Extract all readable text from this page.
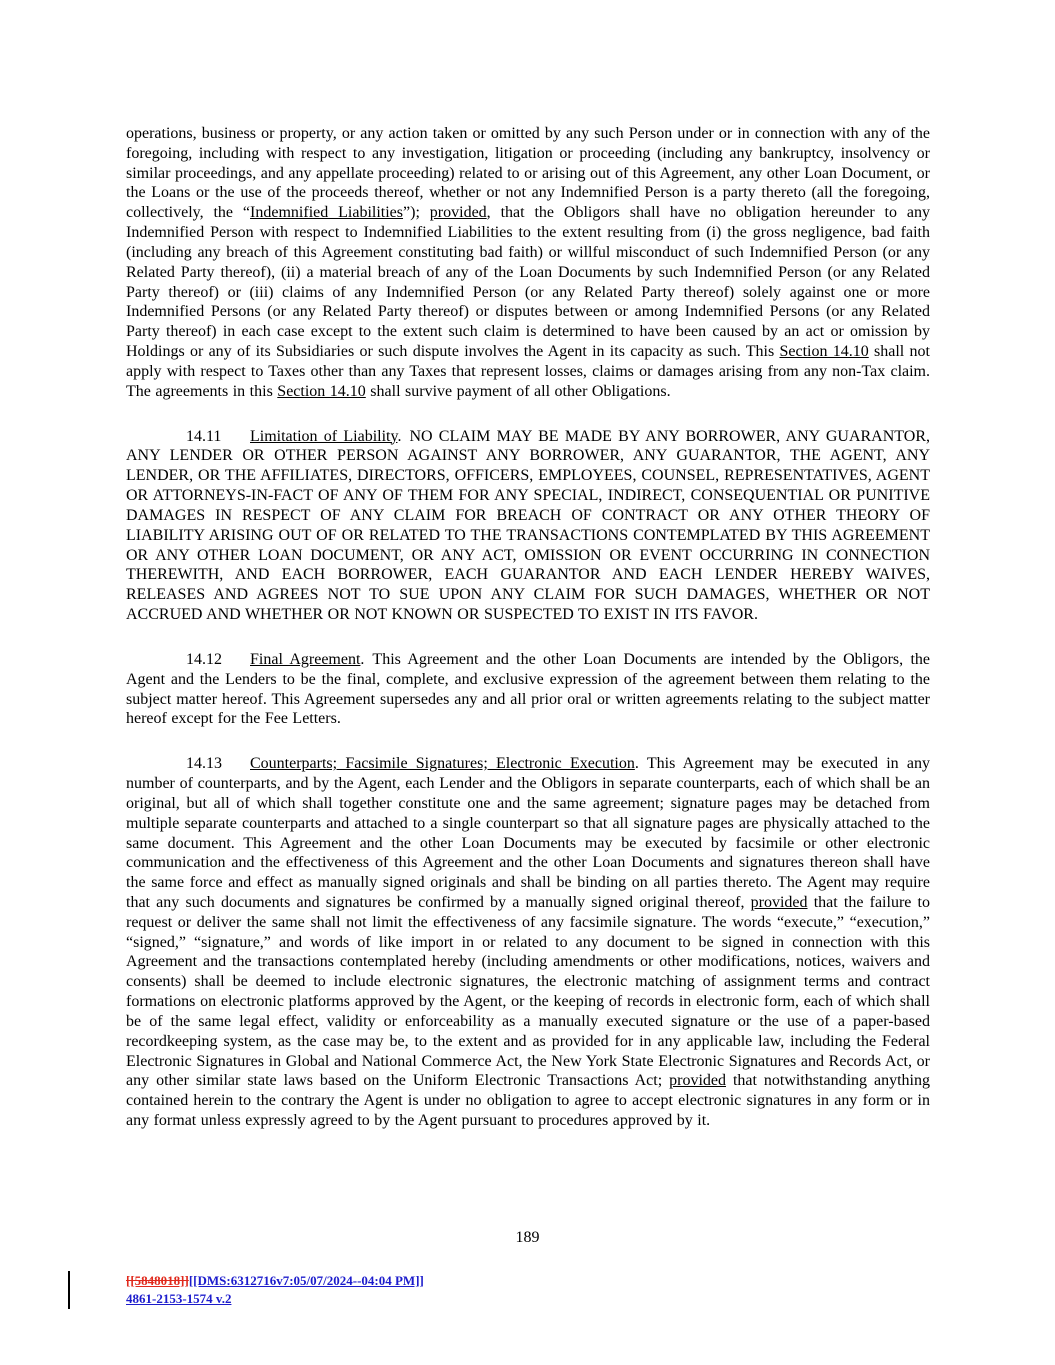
operations, business or property, or any action taken or omitted by any such Person under or in connection with any of the foregoing, including with respect to any investigation, litigation or proceeding (including any bankruptcy, insolvency or similar proceedings, and any appellate proceeding) related to or arising out of this Agreement, any other Loan Document, or the Loans or the use of the proceeds thereof, whether or not any Indemnified Person is a party thereto (all the foregoing, collectively, the “Indemnified Liabilities”); provided, that the Obligors shall have no obligation hereunder to any Indemnified Person with respect to Indemnified Liabilities to the extent resulting from (i) the gross negligence, bad faith (including any breach of this Agreement constituting bad faith) or willful misconduct of such Indemnified Person (or any Related Party thereof), (ii) a material breach of any of the Loan Documents by such Indemnified Person (or any Related Party thereof) or (iii) claims of any Indemnified Person (or any Related Party thereof) solely against one or more Indemnified Persons (or any Related Party thereof) or disputes between or among Indemnified Persons (or any Related Party thereof) in each case except to the extent such claim is determined to have been caused by an act or omission by Holdings or any of its Subsidiaries or such dispute involves the Agent in its capacity as such. This Section 14.10 shall not apply with respect to Taxes other than any Taxes that represent losses, claims or damages arising from any non-Tax claim. The agreements in this Section 14.10 shall survive payment of all other Obligations.

14.11 Limitation of Liability. NO CLAIM MAY BE MADE BY ANY BORROWER, ANY GUARANTOR, ANY LENDER OR OTHER PERSON AGAINST ANY BORROWER, ANY GUARANTOR, THE AGENT, ANY LENDER, OR THE AFFILIATES, DIRECTORS, OFFICERS, EMPLOYEES, COUNSEL, REPRESENTATIVES, AGENT OR ATTORNEYS-IN-FACT OF ANY OF THEM FOR ANY SPECIAL, INDIRECT, CONSEQUENTIAL OR PUNITIVE DAMAGES IN RESPECT OF ANY CLAIM FOR BREACH OF CONTRACT OR ANY OTHER THEORY OF LIABILITY ARISING OUT OF OR RELATED TO THE TRANSACTIONS CONTEMPLATED BY THIS AGREEMENT OR ANY OTHER LOAN DOCUMENT, OR ANY ACT, OMISSION OR EVENT OCCURRING IN CONNECTION THEREWITH, AND EACH BORROWER, EACH GUARANTOR AND EACH LENDER HEREBY WAIVES, RELEASES AND AGREES NOT TO SUE UPON ANY CLAIM FOR SUCH DAMAGES, WHETHER OR NOT ACCRUED AND WHETHER OR NOT KNOWN OR SUSPECTED TO EXIST IN ITS FAVOR.

14.12 Final Agreement. This Agreement and the other Loan Documents are intended by the Obligors, the Agent and the Lenders to be the final, complete, and exclusive expression of the agreement between them relating to the subject matter hereof. This Agreement supersedes any and all prior oral or written agreements relating to the subject matter hereof except for the Fee Letters.

14.13 Counterparts; Facsimile Signatures; Electronic Execution. This Agreement may be executed in any number of counterparts, and by the Agent, each Lender and the Obligors in separate counterparts, each of which shall be an original, but all of which shall together constitute one and the same agreement; signature pages may be detached from multiple separate counterparts and attached to a single counterpart so that all signature pages are physically attached to the same document. This Agreement and the other Loan Documents may be executed by facsimile or other electronic communication and the effectiveness of this Agreement and the other Loan Documents and signatures thereon shall have the same force and effect as manually signed originals and shall be binding on all parties thereto. The Agent may require that any such documents and signatures be confirmed by a manually signed original thereof, provided that the failure to request or deliver the same shall not limit the effectiveness of any facsimile signature. The words “execute,” “execution,” “signed,” “signature,” and words of like import in or related to any document to be signed in connection with this Agreement and the transactions contemplated hereby (including amendments or other modifications, notices, waivers and consents) shall be deemed to include electronic signatures, the electronic matching of assignment terms and contract formations on electronic platforms approved by the Agent, or the keeping of records in electronic form, each of which shall be of the same legal effect, validity or enforceability as a manually executed signature or the use of a paper-based recordkeeping system, as the case may be, to the extent and as provided for in any applicable law, including the Federal Electronic Signatures in Global and National Commerce Act, the New York State Electronic Signatures and Records Act, or any other similar state laws based on the Uniform Electronic Transactions Act; provided that notwithstanding anything contained herein to the contrary the Agent is under no obligation to agree to accept electronic signatures in any form or in any format unless expressly agreed to by the Agent pursuant to procedures approved by it.

189
[[5848018]][[DMS:6312716v7:05/07/2024--04:04 PM]]
4861-2153-1574 v.2
